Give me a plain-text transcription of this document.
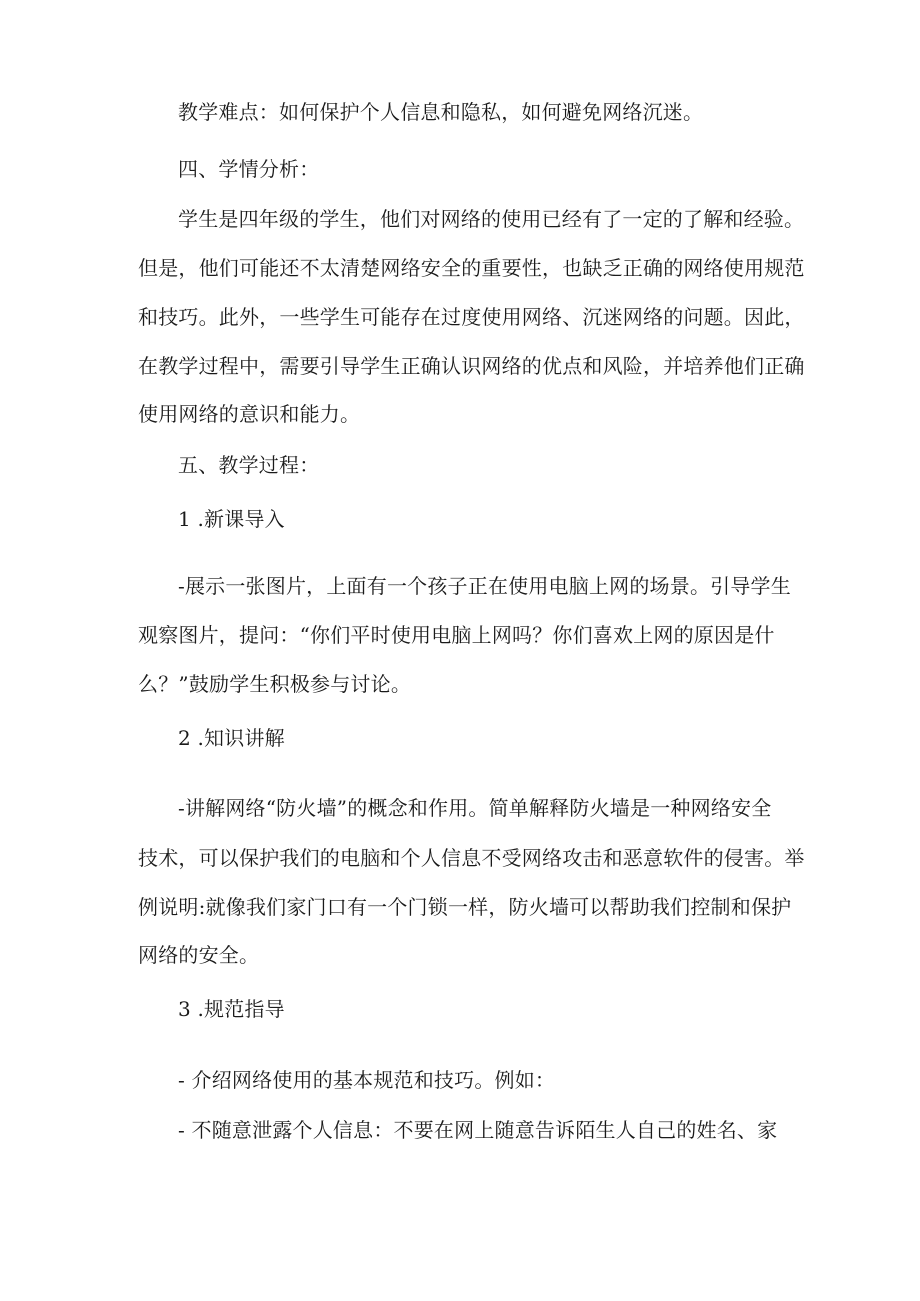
教学难点：如何保护个人信息和隐私，如何避免网络沉迷。
四、学情分析：
学生是四年级的学生，他们对网络的使用已经有了一定的了解和经验。
但是，他们可能还不太清楚网络安全的重要性，也缺乏正确的网络使用规范
和技巧。此外，一些学生可能存在过度使用网络、沉迷网络的问题。因此，
在教学过程中，需要引导学生正确认识网络的优点和风险，并培养他们正确
使用网络的意识和能力。
五、教学过程：
1 .新课导入
-展示一张图片，上面有一个孩子正在使用电脑上网的场景。引导学生
观察图片，提问：“你们平时使用电脑上网吗？你们喜欢上网的原因是什
么？”鼓励学生积极参与讨论。
2 .知识讲解
-讲解网络“防火墙”的概念和作用。简单解释防火墙是一种网络安全
技术，可以保护我们的电脑和个人信息不受网络攻击和恶意软件的侵害。举
例说明:就像我们家门口有一个门锁一样，防火墙可以帮助我们控制和保护
网络的安全。
3 .规范指导
- 介绍网络使用的基本规范和技巧。例如：
- 不随意泄露个人信息：不要在网上随意告诉陌生人自己的姓名、家
